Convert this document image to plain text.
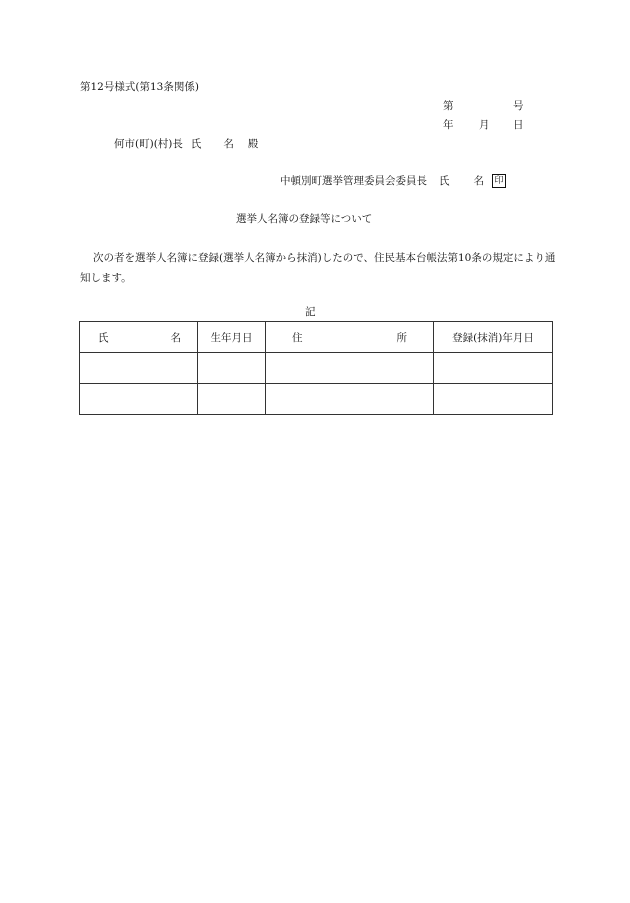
第12号様式(第13条関係)
第	号
年 月 日
何市(町)(村)長 氏 名 殿
中頓別町選挙管理委員会委員長 氏 名 印
選挙人名簿の登録等について
次の者を選挙人名簿に登録(選挙人名簿から抹消)したので、住民基本台帳法第10条の規定により通知します。
記
氏 名	生年月日	住 所	登録(抹消)年月日
